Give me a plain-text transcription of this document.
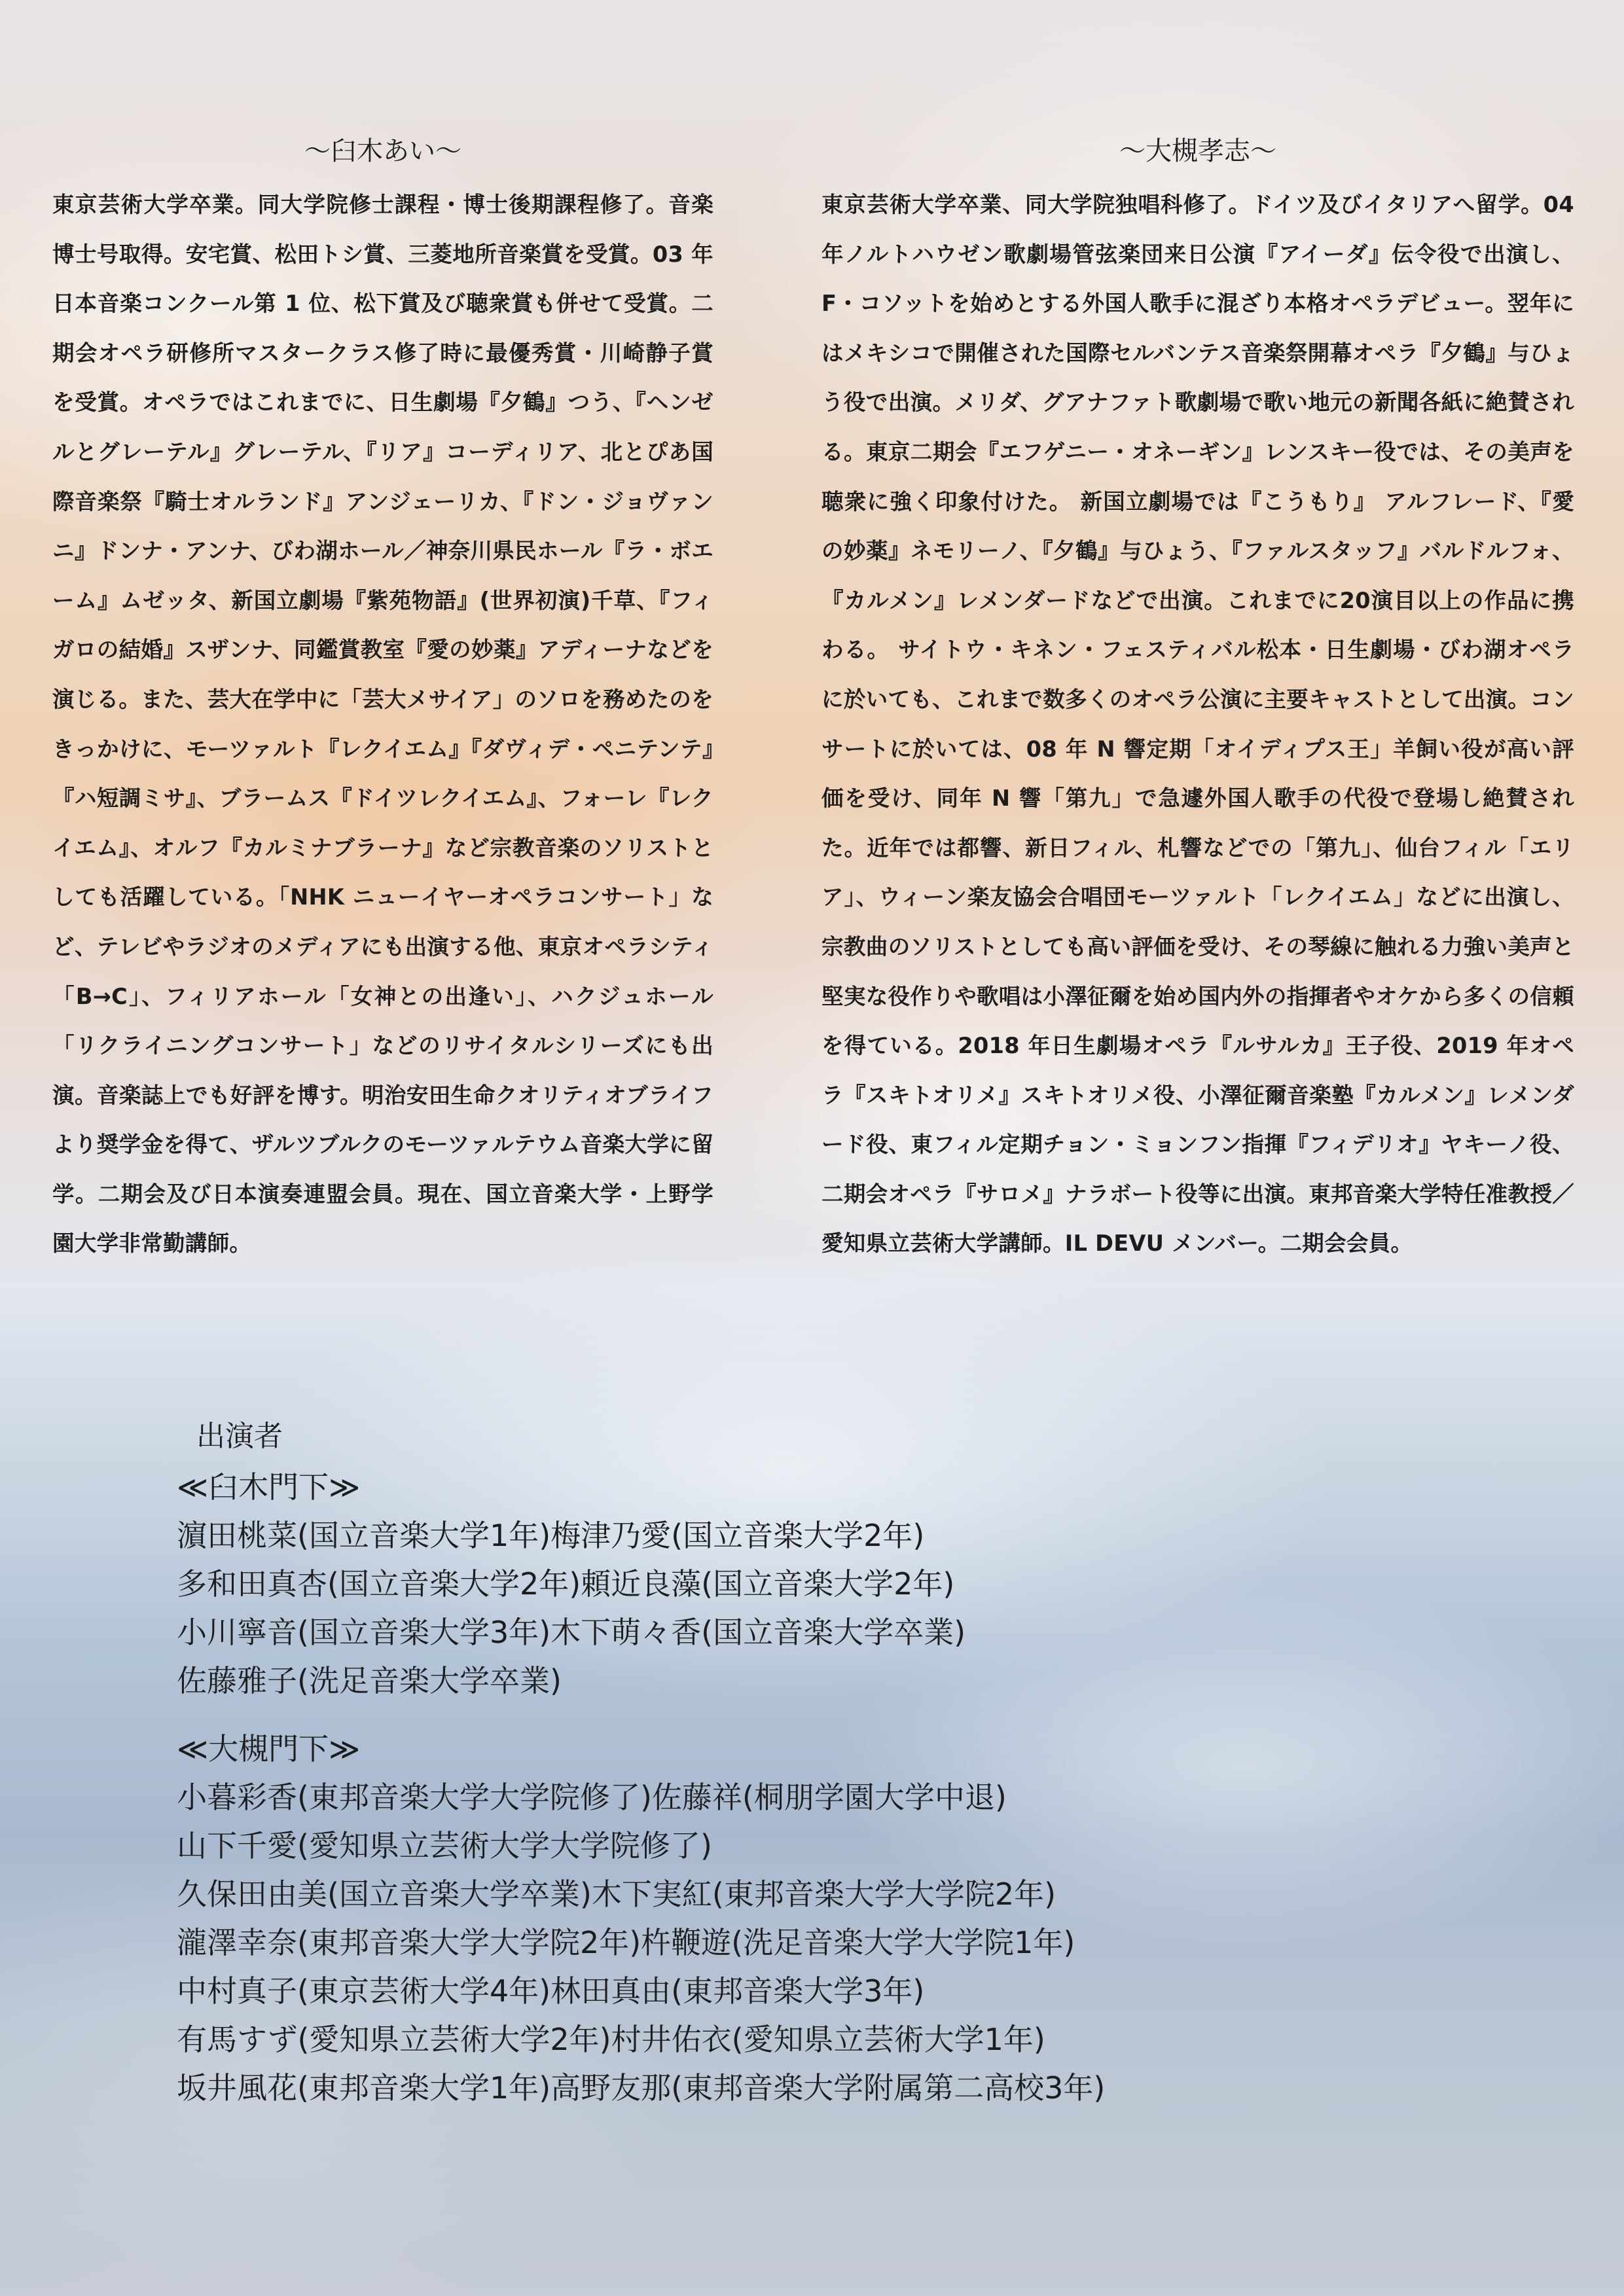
～臼木あい～

東京芸術大学卒業。同大学院修士課程・博士後期課程修了。音楽博士号取得。安宅賞、松田トシ賞、三菱地所音楽賞を受賞。03 年日本音楽コンクール第 1 位、松下賞及び聴衆賞も併せて受賞。二期会オペラ研修所マスタークラス修了時に最優秀賞・川崎静子賞を受賞。オペラではこれまでに、日生劇場『夕鶴』つう、『ヘンゼルとグレーテル』グレーテル、『リア』コーディリア、北とぴあ国際音楽祭『騎士オルランド』アンジェーリカ、『ドン・ジョヴァンニ』ドンナ・アンナ、びわ湖ホール／神奈川県民ホール『ラ・ボエーム』ムゼッタ、新国立劇場『紫苑物語』(世界初演)千草、『フィガロの結婚』スザンナ、同鑑賞教室『愛の妙薬』アディーナなどを演じる。また、芸大在学中に「芸大メサイア」のソロを務めたのをきっかけに、モーツァルト『レクイエム』『ダヴィデ・ペニテンテ』『ハ短調ミサ』、ブラームス『ドイツレクイエム』、フォーレ『レクイエム』、オルフ『カルミナブラーナ』など宗教音楽のソリストとしても活躍している。「NHK ニューイヤーオペラコンサート」など、テレビやラジオのメディアにも出演する他、東京オペラシティ「B→C」、フィリアホール「女神との出逢い」、ハクジュホール「リクライニングコンサート」などのリサイタルシリーズにも出演。音楽誌上でも好評を博す。明治安田生命クオリティオブライフより奨学金を得て、ザルツブルクのモーツァルテウム音楽大学に留学。二期会及び日本演奏連盟会員。現在、国立音楽大学・上野学園大学非常勤講師。

～大槻孝志～

東京芸術大学卒業、同大学院独唱科修了。ドイツ及びイタリアへ留学。04 年ノルトハウゼン歌劇場管弦楽団来日公演『アイーダ』伝令役で出演し、F・コソットを始めとする外国人歌手に混ざり本格オペラデビュー。翌年にはメキシコで開催された国際セルバンテス音楽祭開幕オペラ『夕鶴』与ひょう役で出演。メリダ、グアナファト歌劇場で歌い地元の新聞各紙に絶賛される。東京二期会『エフゲニー・オネーギン』レンスキー役では、その美声を聴衆に強く印象付けた。 新国立劇場では『こうもり』 アルフレード、『愛の妙薬』ネモリーノ、『夕鶴』与ひょう、『ファルスタッフ』バルドルフォ、『カルメン』レメンダードなどで出演。これまでに20演目以上の作品に携わる。 サイトウ・キネン・フェスティバル松本・日生劇場・びわ湖オペラに於いても、これまで数多くのオペラ公演に主要キャストとして出演。コンサートに於いては、08 年 N 響定期「オイディプス王」羊飼い役が高い評価を受け、同年 N 響「第九」で急遽外国人歌手の代役で登場し絶賛された。近年では都響、新日フィル、札響などでの「第九」、仙台フィル「エリア」、ウィーン楽友協会合唱団モーツァルト「レクイエム」などに出演し、宗教曲のソリストとしても高い評価を受け、その琴線に触れる力強い美声と堅実な役作りや歌唱は小澤征爾を始め国内外の指揮者やオケから多くの信頼を得ている。2018 年日生劇場オペラ『ルサルカ』王子役、2019 年オペラ『スキトオリメ』スキトオリメ役、小澤征爾音楽塾『カルメン』レメンダード役、東フィル定期チョン・ミョンフン指揮『フィデリオ』ヤキーノ役、二期会オペラ『サロメ』ナラボート役等に出演。東邦音楽大学特任准教授／愛知県立芸術大学講師。IL DEVU メンバー。二期会会員。

出演者
≪臼木門下≫
濵田桃菜(国立音楽大学1年)梅津乃愛(国立音楽大学2年)
多和田真杏(国立音楽大学2年)頼近良藻(国立音楽大学2年)
小川寧音(国立音楽大学3年)木下萌々香(国立音楽大学卒業)
佐藤雅子(洗足音楽大学卒業)
≪大槻門下≫
小暮彩香(東邦音楽大学大学院修了)佐藤祥(桐朋学園大学中退)
山下千愛(愛知県立芸術大学大学院修了)
久保田由美(国立音楽大学卒業)木下実紅(東邦音楽大学大学院2年)
瀧澤幸奈(東邦音楽大学大学院2年)杵鞭遊(洗足音楽大学大学院1年)
中村真子(東京芸術大学4年)林田真由(東邦音楽大学3年)
有馬すず(愛知県立芸術大学2年)村井佑衣(愛知県立芸術大学1年)
坂井風花(東邦音楽大学1年)高野友那(東邦音楽大学附属第二高校3年)
